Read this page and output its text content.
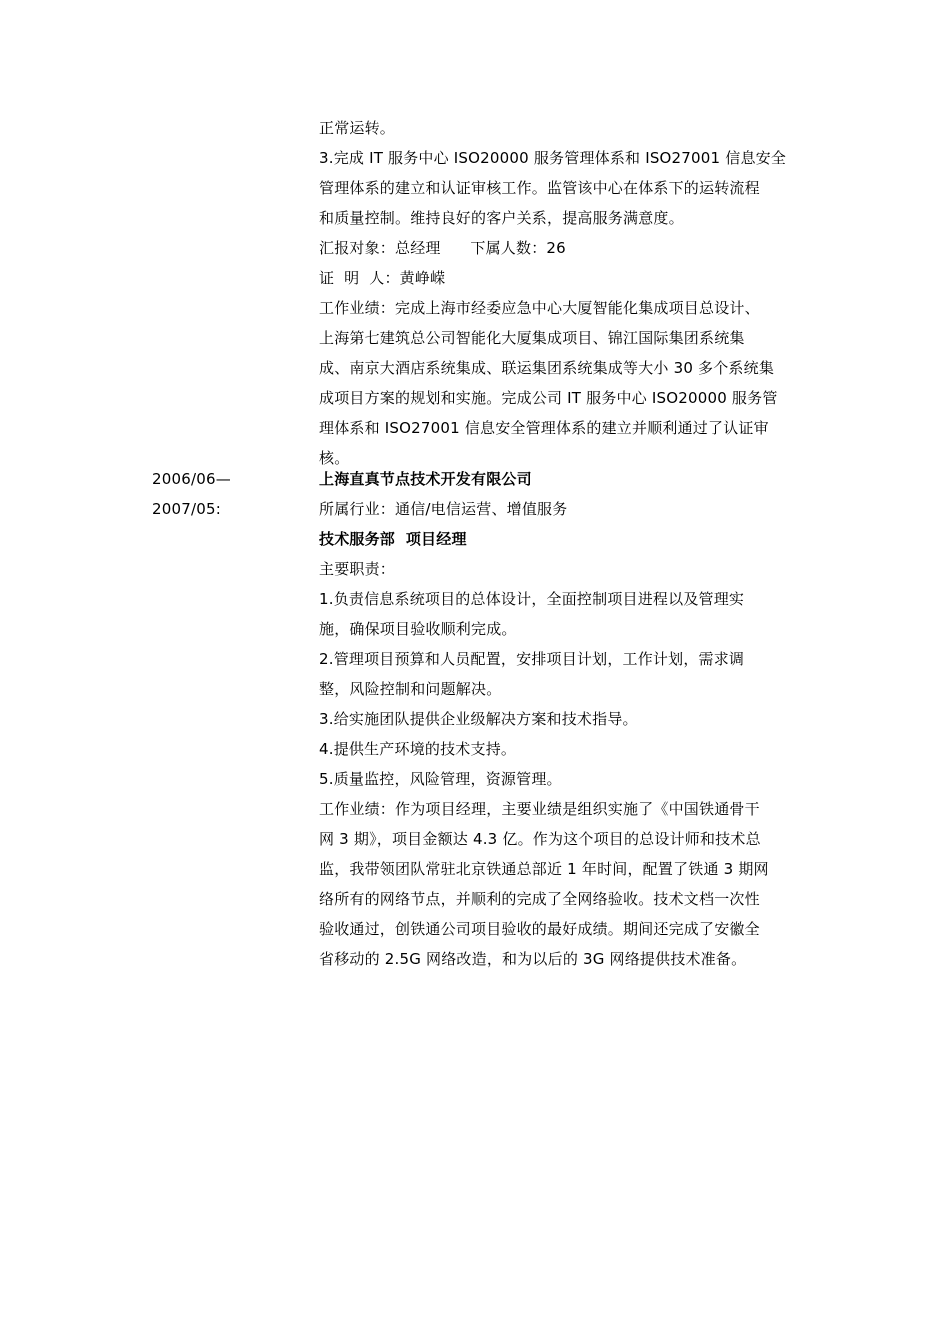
正常运转。
3.完成 IT 服务中心 ISO20000 服务管理体系和 ISO27001 信息安全
管理体系的建立和认证审核工作。监管该中心在体系下的运转流程
和质量控制。维持良好的客户关系，提高服务满意度。
汇报对象：总经理      下属人数：26
证  明  人：黄峥嵘
工作业绩：完成上海市经委应急中心大厦智能化集成项目总设计、
上海第七建筑总公司智能化大厦集成项目、锦江国际集团系统集
成、南京大酒店系统集成、联运集团系统集成等大小 30 多个系统集
成项目方案的规划和实施。完成公司 IT 服务中心 ISO20000 服务管
理体系和 ISO27001 信息安全管理体系的建立并顺利通过了认证审
核。
2006/06—
2007/05:
上海直真节点技术开发有限公司
所属行业：通信/电信运营、增值服务
技术服务部  项目经理
主要职责：
1.负责信息系统项目的总体设计，全面控制项目进程以及管理实
施，确保项目验收顺利完成。
2.管理项目预算和人员配置，安排项目计划，工作计划，需求调
整，风险控制和问题解决。
3.给实施团队提供企业级解决方案和技术指导。
4.提供生产环境的技术支持。
5.质量监控，风险管理，资源管理。
工作业绩：作为项目经理，主要业绩是组织实施了《中国铁通骨干
网 3 期》，项目金额达 4.3 亿。作为这个项目的总设计师和技术总
监，我带领团队常驻北京铁通总部近 1 年时间，配置了铁通 3 期网
络所有的网络节点，并顺利的完成了全网络验收。技术文档一次性
验收通过，创铁通公司项目验收的最好成绩。期间还完成了安徽全
省移动的 2.5G 网络改造，和为以后的 3G 网络提供技术准备。
